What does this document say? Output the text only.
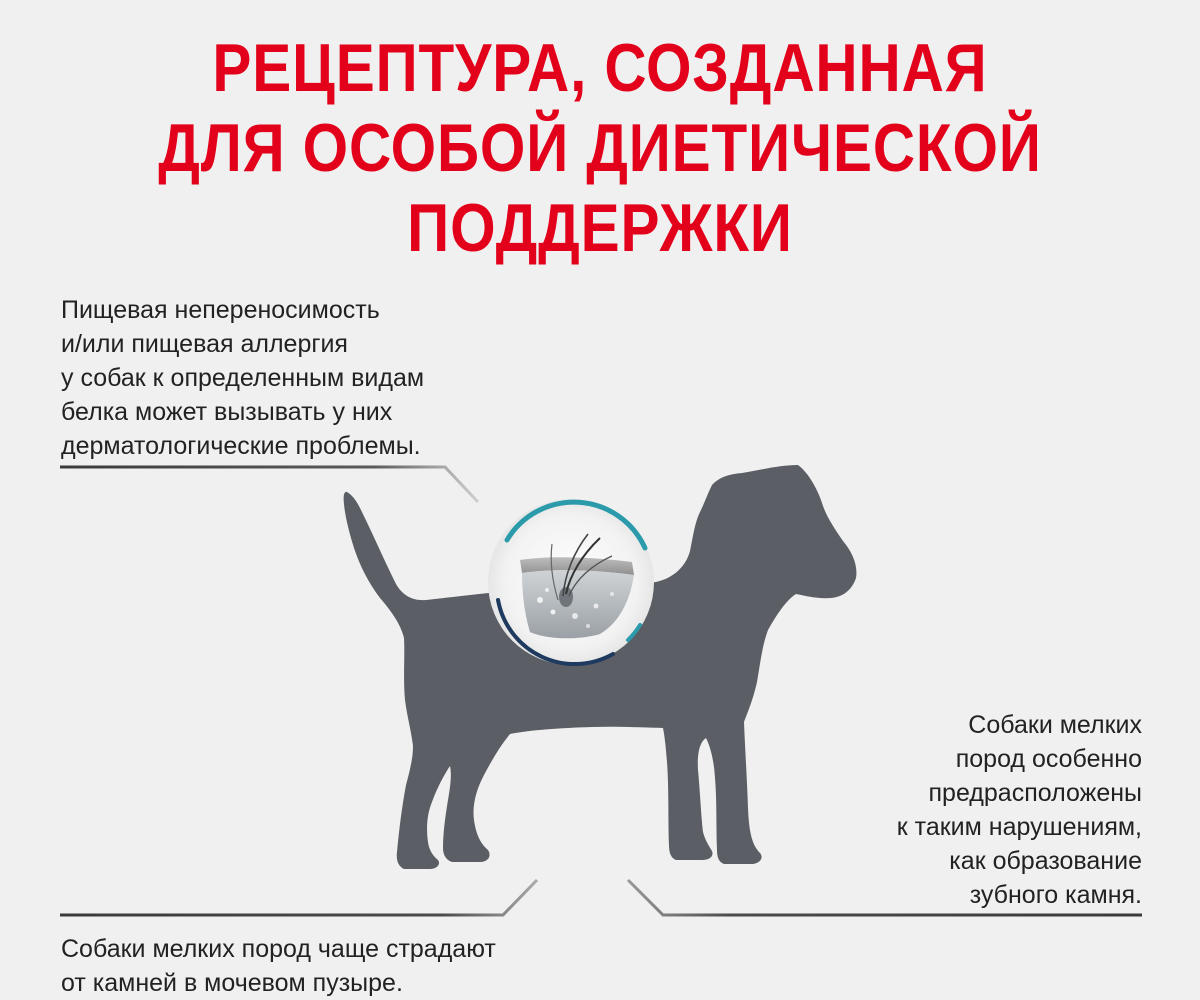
РЕЦЕПТУРА, СОЗДАННАЯ
ДЛЯ ОСОБОЙ ДИЕТИЧЕСКОЙ
ПОДДЕРЖКИ

Пищевая непереносимость
и/или пищевая аллергия
у собак к определенным видам
белка может вызывать у них
дерматологические проблемы.

Собаки мелких
пород особенно
предрасположены
к таким нарушениям,
как образование
зубного камня.

Собаки мелких пород чаще страдают
от камней в мочевом пузыре.
